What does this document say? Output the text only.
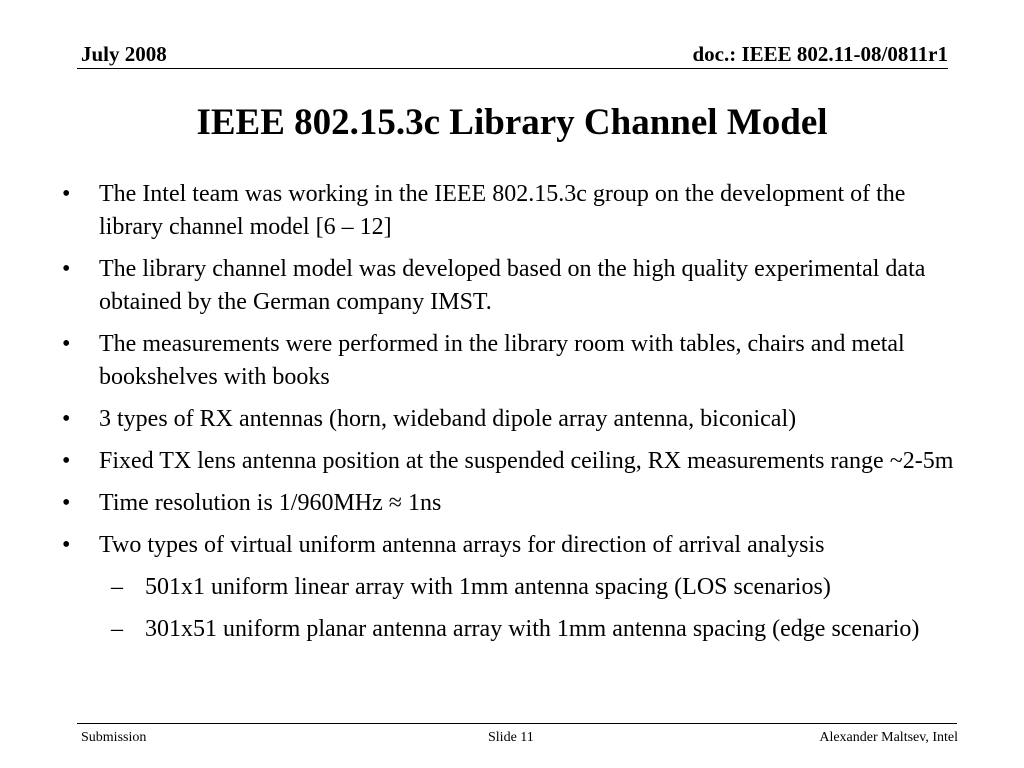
July 2008	doc.: IEEE 802.11-08/0811r1
IEEE 802.15.3c Library Channel Model
• The Intel team was working in the IEEE 802.15.3c group on the development of the library channel model [6 – 12]
• The library channel model was developed based on the high quality experimental data obtained by the German company IMST.
• The measurements were performed in the library room with tables, chairs and metal bookshelves with books
• 3 types of RX antennas (horn, wideband dipole array antenna, biconical)
• Fixed TX lens antenna position at the suspended ceiling, RX measurements range ~2-5m
• Time resolution is 1/960MHz ≈ 1ns
• Two types of virtual uniform antenna arrays for direction of arrival analysis
– 501x1 uniform linear array with 1mm antenna spacing (LOS scenarios)
– 301x51 uniform planar antenna array with 1mm antenna spacing (edge scenario)
Submission	Slide 11	Alexander Maltsev, Intel
